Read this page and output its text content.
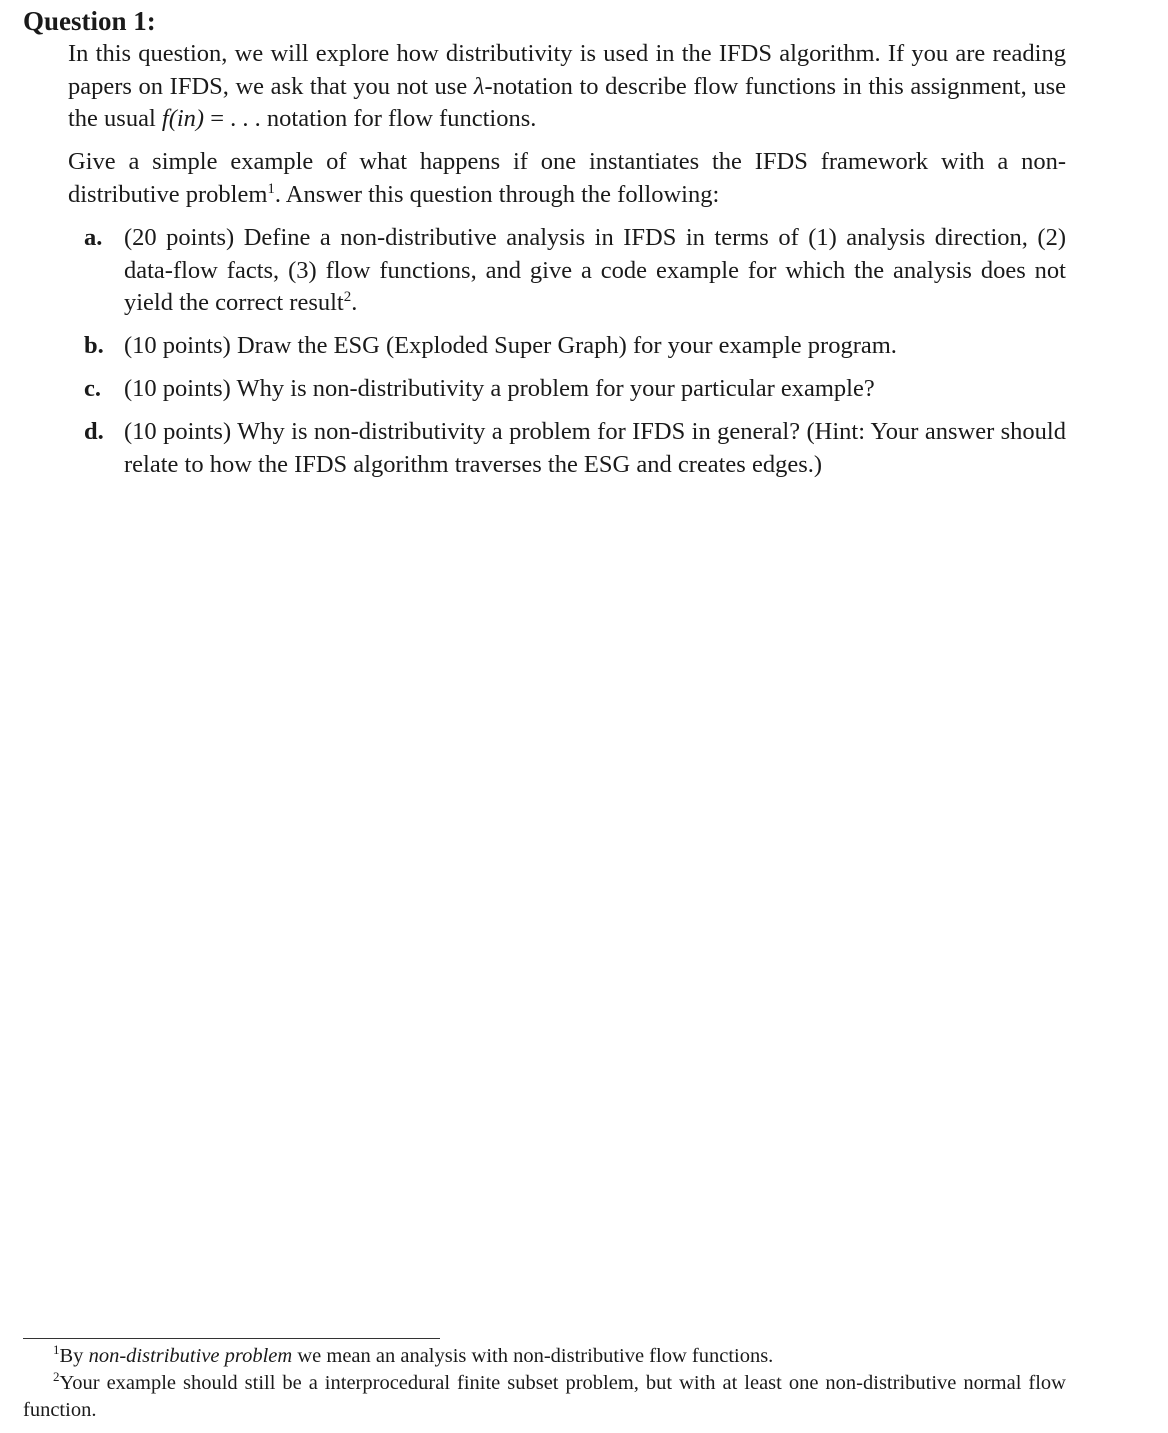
Question 1:

In this question, we will explore how distributivity is used in the IFDS algorithm. If you are reading papers on IFDS, we ask that you not use λ-notation to describe flow functions in this assignment, use the usual f(in) = . . . notation for flow functions.

Give a simple example of what happens if one instantiates the IFDS framework with a non-distributive problem$^1$. Answer this question through the following:

a. (20 points) Define a non-distributive analysis in IFDS in terms of (1) analysis direction, (2) data-flow facts, (3) flow functions, and give a code example for which the analysis does not yield the correct result$^2$.

b. (10 points) Draw the ESG (Exploded Super Graph) for your example program.

c. (10 points) Why is non-distributivity a problem for your particular example?

d. (10 points) Why is non-distributivity a problem for IFDS in general? (Hint: Your answer should relate to how the IFDS algorithm traverses the ESG and creates edges.)

$^1$By non-distributive problem we mean an analysis with non-distributive flow functions.

$^2$Your example should still be a interprocedural finite subset problem, but with at least one non-distributive normal flow function.
